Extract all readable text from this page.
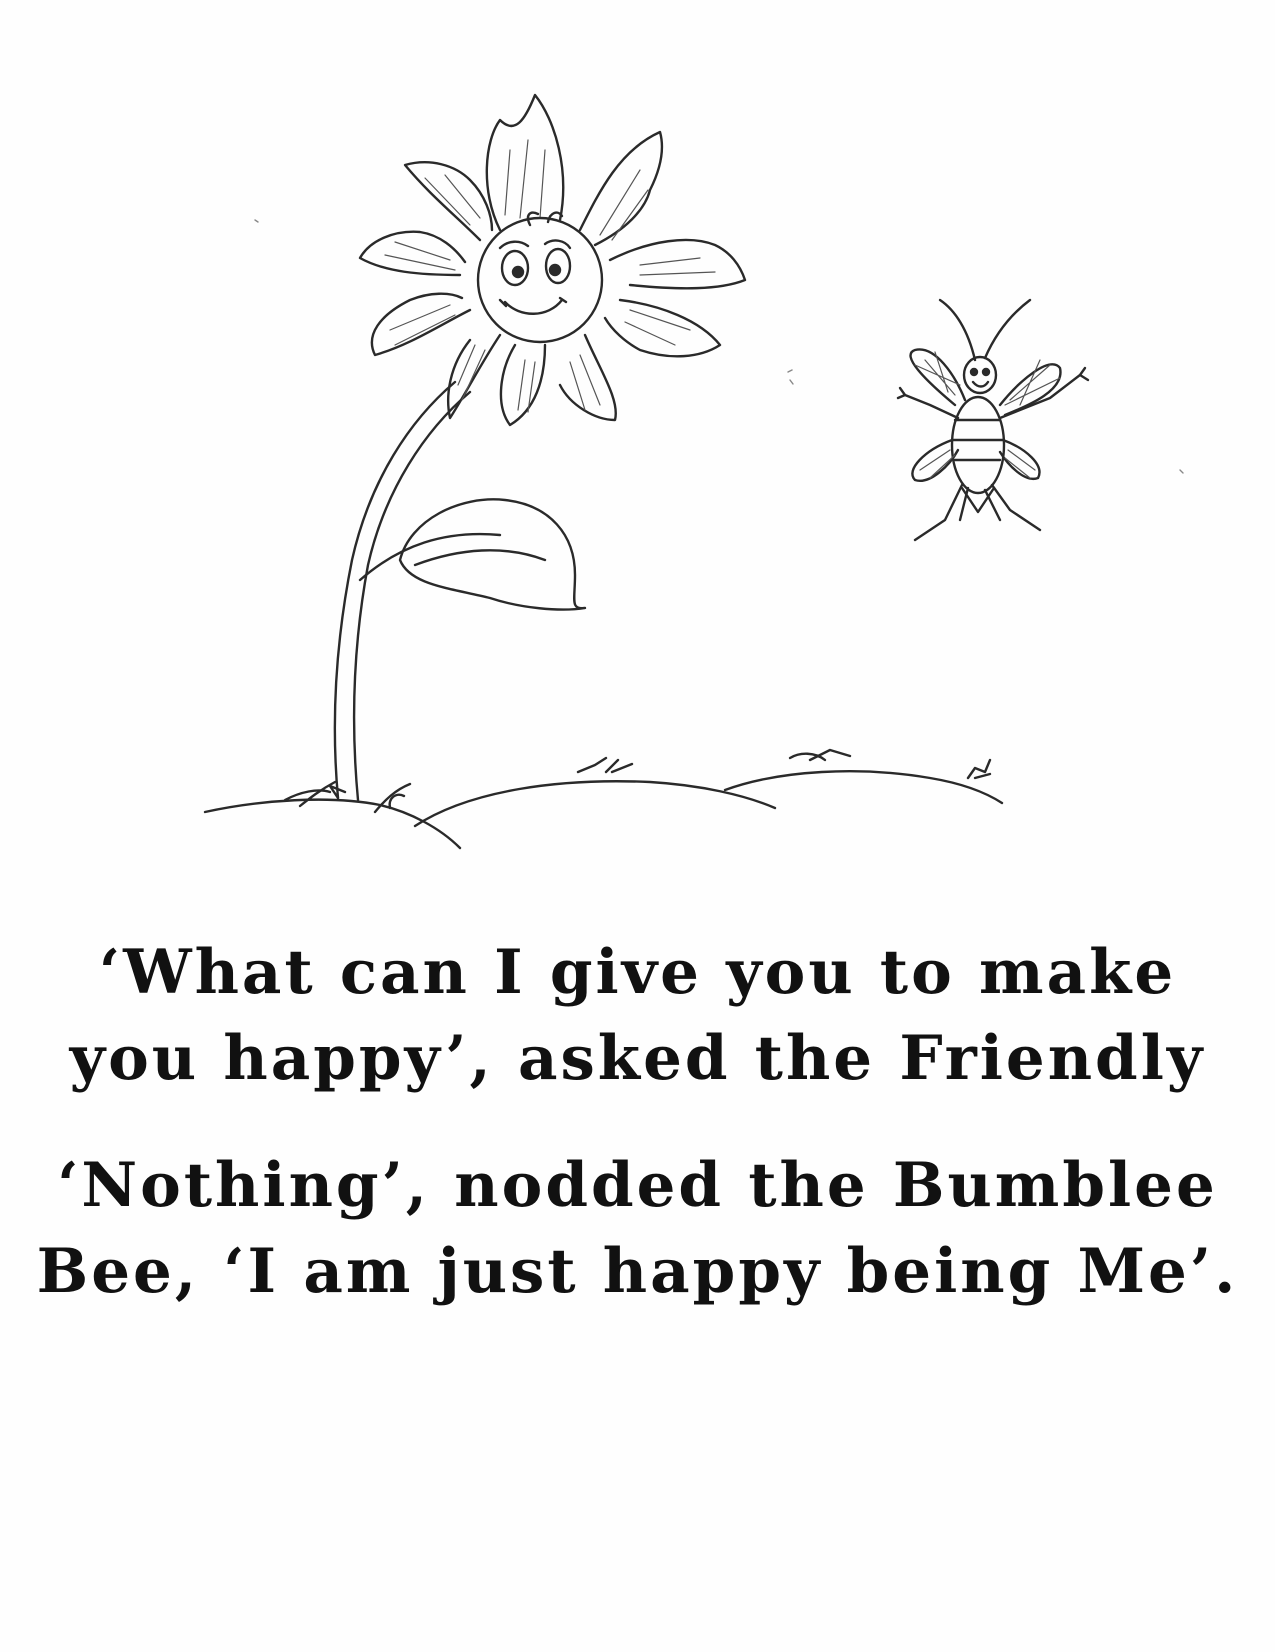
‘What can I give you to make
you happy’, asked the Friendly
‘Nothing’, nodded the Bumblee
Bee, ‘I am just happy being Me’.
